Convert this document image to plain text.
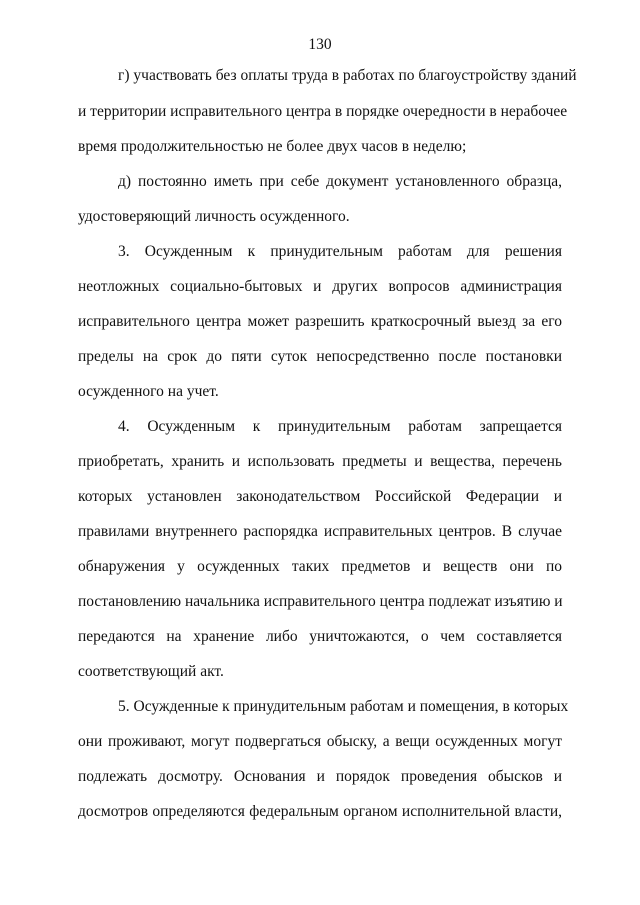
130
г) участвовать без оплаты труда в работах по благоустройству зданий
и территории исправительного центра в порядке очередности в нерабочее
время продолжительностью не более двух часов в неделю;
д) постоянно иметь при себе документ установленного образца,
удостоверяющий личность осужденного.
3. Осужденным к принудительным работам для решения
неотложных социально-бытовых и других вопросов администрация
исправительного центра может разрешить краткосрочный выезд за его
пределы на срок до пяти суток непосредственно после постановки
осужденного на учет.
4. Осужденным к принудительным работам запрещается
приобретать, хранить и использовать предметы и вещества, перечень
которых установлен законодательством Российской Федерации и
правилами внутреннего распорядка исправительных центров. В случае
обнаружения у осужденных таких предметов и веществ они по
постановлению начальника исправительного центра подлежат изъятию и
передаются на хранение либо уничтожаются, о чем составляется
соответствующий акт.
5. Осужденные к принудительным работам и помещения, в которых
они проживают, могут подвергаться обыску, а вещи осужденных могут
подлежать досмотру. Основания и порядок проведения обысков и
досмотров определяются федеральным органом исполнительной власти,
